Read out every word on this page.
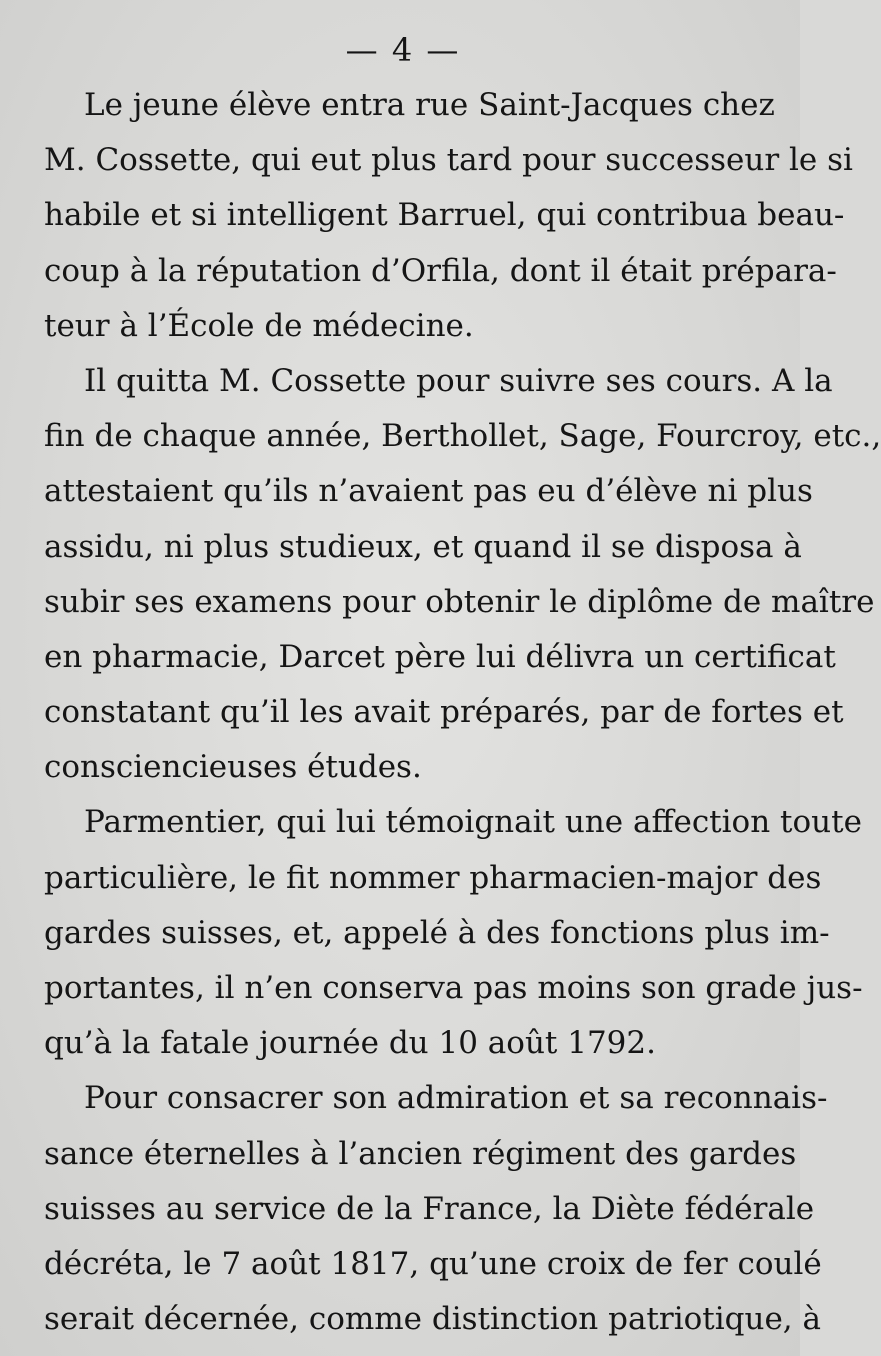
— 4 —
Le jeune élève entra rue Saint-Jacques chez
M. Cossette, qui eut plus tard pour successeur le si
habile et si intelligent Barruel, qui contribua beau-
coup à la réputation d’Orfila, dont il était prépara-
teur à l’École de médecine.
Il quitta M. Cossette pour suivre ses cours. A la
fin de chaque année, Berthollet, Sage, Fourcroy, etc.,
attestaient qu’ils n’avaient pas eu d’élève ni plus
assidu, ni plus studieux, et quand il se disposa à
subir ses examens pour obtenir le diplôme de maître
en pharmacie, Darcet père lui délivra un certificat
constatant qu’il les avait préparés, par de fortes et
consciencieuses études.
Parmentier, qui lui témoignait une affection toute
particulière, le fit nommer pharmacien-major des
gardes suisses, et, appelé à des fonctions plus im-
portantes, il n’en conserva pas moins son grade jus-
qu’à la fatale journée du 10 août 1792.
Pour consacrer son admiration et sa reconnais-
sance éternelles à l’ancien régiment des gardes
suisses au service de la France, la Diète fédérale
décréta, le 7 août 1817, qu’une croix de fer coulé
serait décernée, comme distinction patriotique, à
